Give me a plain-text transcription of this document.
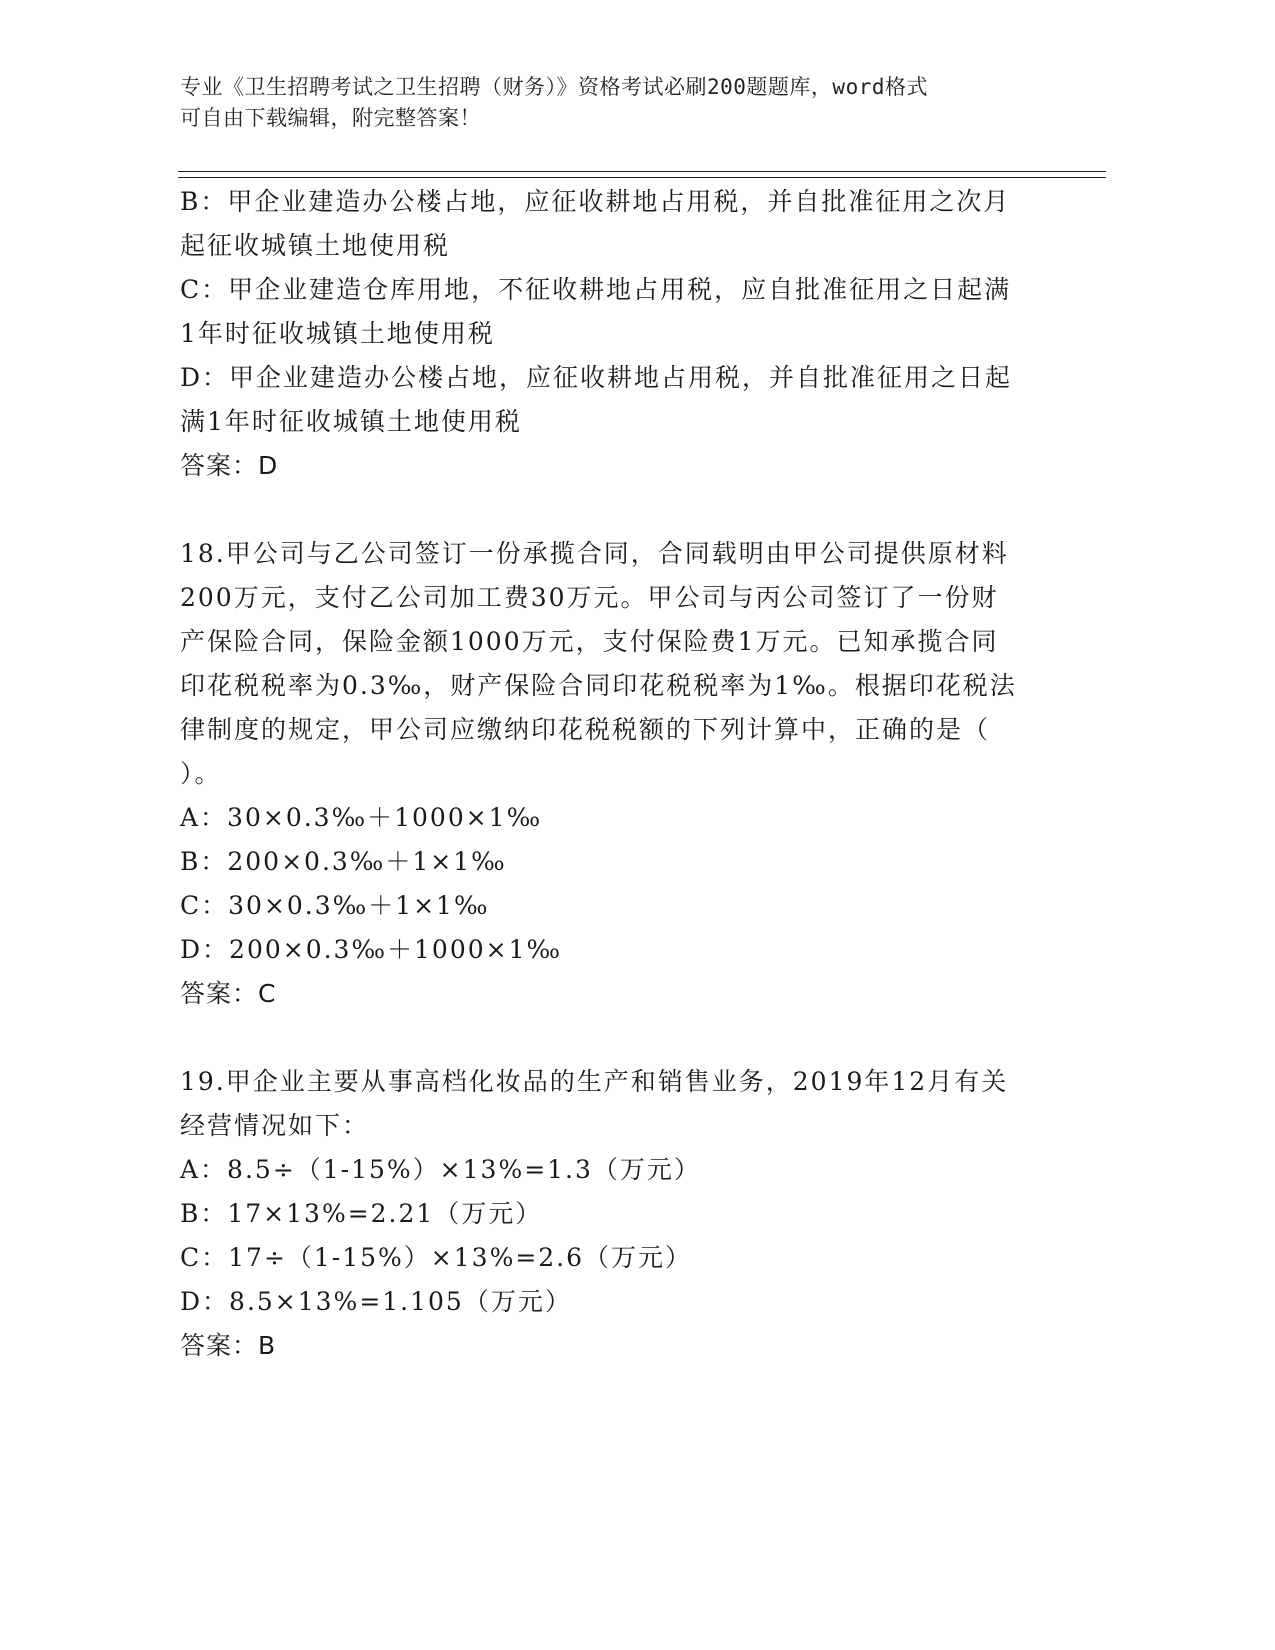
专业《卫生招聘考试之卫生招聘（财务）》资格考试必刷200题题库，word格式

可自由下载编辑，附完整答案！

B：甲企业建造办公楼占地，应征收耕地占用税，并自批准征用之次月

起征收城镇土地使用税

C：甲企业建造仓库用地，不征收耕地占用税，应自批准征用之日起满

1年时征收城镇土地使用税

D：甲企业建造办公楼占地，应征收耕地占用税，并自批准征用之日起

满1年时征收城镇土地使用税

答案：D

18.甲公司与乙公司签订一份承揽合同，合同载明由甲公司提供原材料

200万元，支付乙公司加工费30万元。甲公司与丙公司签订了一份财

产保险合同，保险金额1000万元，支付保险费1万元。已知承揽合同

印花税税率为0.3‰，财产保险合同印花税税率为1‰。根据印花税法

律制度的规定，甲公司应缴纳印花税税额的下列计算中，正确的是（

）。

A：30×0.3‰＋1000×1‰

B：200×0.3‰＋1×1‰

C：30×0.3‰＋1×1‰

D：200×0.3‰＋1000×1‰

答案：C

19.甲企业主要从事高档化妆品的生产和销售业务，2019年12月有关

经营情况如下：

A：8.5÷（1-15%）×13%=1.3（万元）

B：17×13%=2.21（万元）

C：17÷（1-15%）×13%=2.6（万元）

D：8.5×13%=1.105（万元）

答案：B
